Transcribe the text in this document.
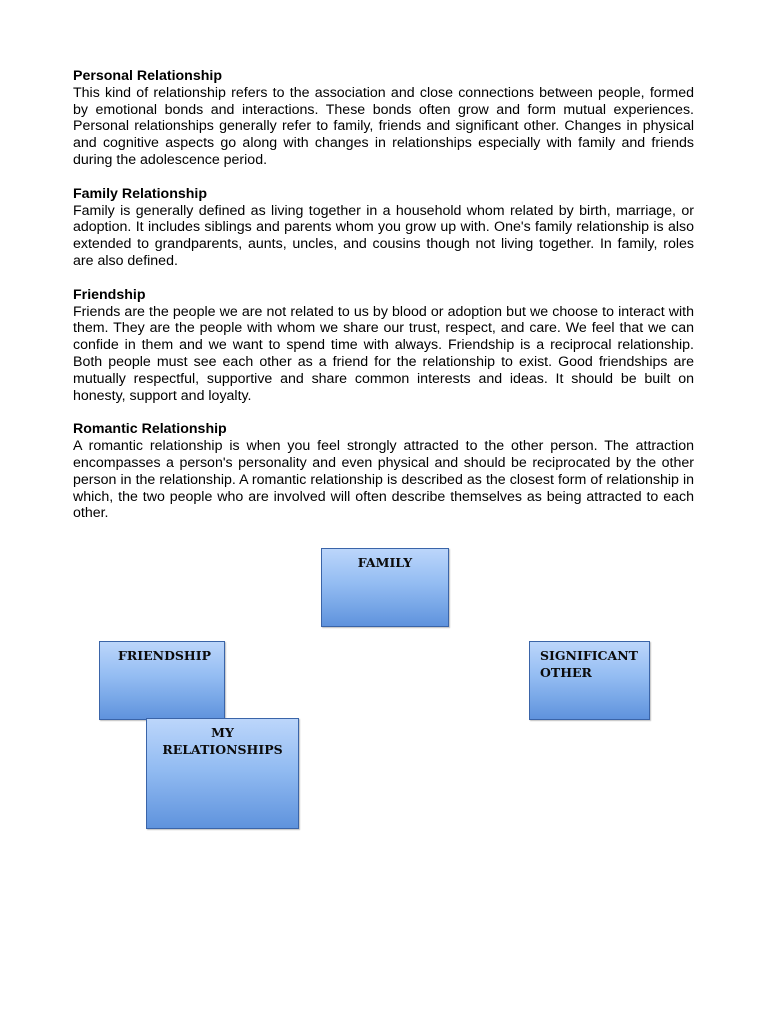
Personal Relationship

This kind of relationship refers to the association and close connections between people, formed by emotional bonds and interactions. These bonds often grow and form mutual experiences. Personal relationships generally refer to family, friends and significant other. Changes in physical and cognitive aspects go along with changes in relationships especially with family and friends during the adolescence period.

Family Relationship

Family is generally defined as living together in a household whom related by birth, marriage, or adoption. It includes siblings and parents whom you grow up with. One's family relationship is also extended to grandparents, aunts, uncles, and cousins though not living together. In family, roles are also defined.

Friendship

Friends are the people we are not related to us by blood or adoption but we choose to interact with them. They are the people with whom we share our trust, respect, and care. We feel that we can confide in them and we want to spend time with always. Friendship is a reciprocal relationship. Both people must see each other as a friend for the relationship to exist. Good friendships are mutually respectful, supportive and share common interests and ideas. It should be built on honesty, support and loyalty.

Romantic Relationship

A romantic relationship is when you feel strongly attracted to the other person. The attraction encompasses a person's personality and even physical and should be reciprocated by the other person in the relationship. A romantic relationship is described as the closest form of relationship in which, the two people who are involved will often describe themselves as being attracted to each other.

FAMILY
FRIENDSHIP	SIGNIFICANT
OTHER
MY
RELATIONSHIPS
